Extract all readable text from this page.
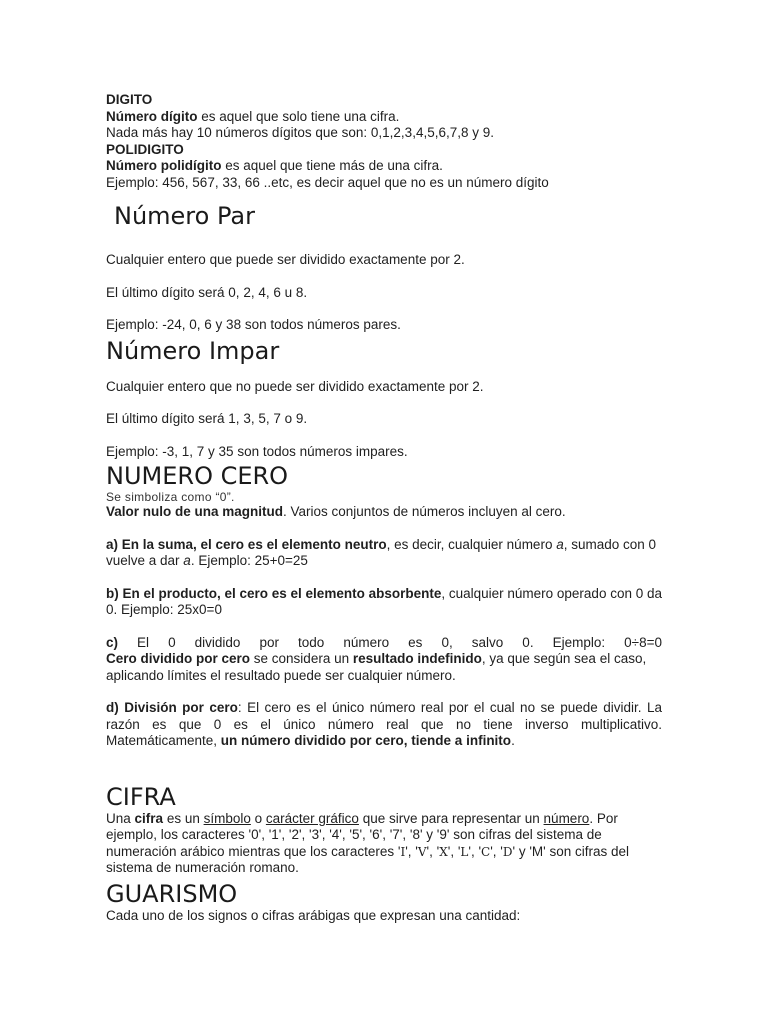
DIGITO

Número dígito es aquel que solo tiene una cifra.

Nada más hay 10 números dígitos que son: 0,1,2,3,4,5,6,7,8 y 9.

POLIDIGITO

Número polidígito es aquel que tiene más de una cifra.

Ejemplo: 456, 567, 33, 66 ..etc, es decir aquel que no es un número dígito

Número Par

Cualquier entero que puede ser dividido exactamente por 2.

El último dígito será 0, 2, 4, 6 u 8.

Ejemplo: -24, 0, 6 y 38 son todos números pares.

Número Impar

Cualquier entero que no puede ser dividido exactamente por 2.

El último dígito será 1, 3, 5, 7 o 9.

Ejemplo: -3, 1, 7 y 35 son todos números impares.

NUMERO CERO

Se simboliza como “0”.

Valor nulo de una magnitud. Varios conjuntos de números incluyen al cero.

a) En la suma, el cero es el elemento neutro, es decir, cualquier número a, sumado con 0 vuelve a dar a. Ejemplo: 25+0=25

b) En el producto, el cero es el elemento absorbente, cualquier número operado con 0 da 0. Ejemplo: 25x0=0

c) El 0 dividido por todo número es 0, salvo 0. Ejemplo: 0÷8=0

Cero dividido por cero se considera un resultado indefinido, ya que según sea el caso, aplicando límites el resultado puede ser cualquier número.

d) División por cero: El cero es el único número real por el cual no se puede dividir. La razón es que 0 es el único número real que no tiene inverso multiplicativo. Matemáticamente, un número dividido por cero, tiende a infinito.

CIFRA

Una cifra es un símbolo o carácter gráfico que sirve para representar un número. Por ejemplo, los caracteres '0', '1', '2', '3', '4', '5', '6', '7', '8' y '9' son cifras del sistema de numeración arábico mientras que los caracteres 'I', 'V', 'X', 'L', 'C', 'D' y 'M' son cifras del sistema de numeración romano.

GUARISMO

Cada uno de los signos o cifras arábigas que expresan una cantidad:
